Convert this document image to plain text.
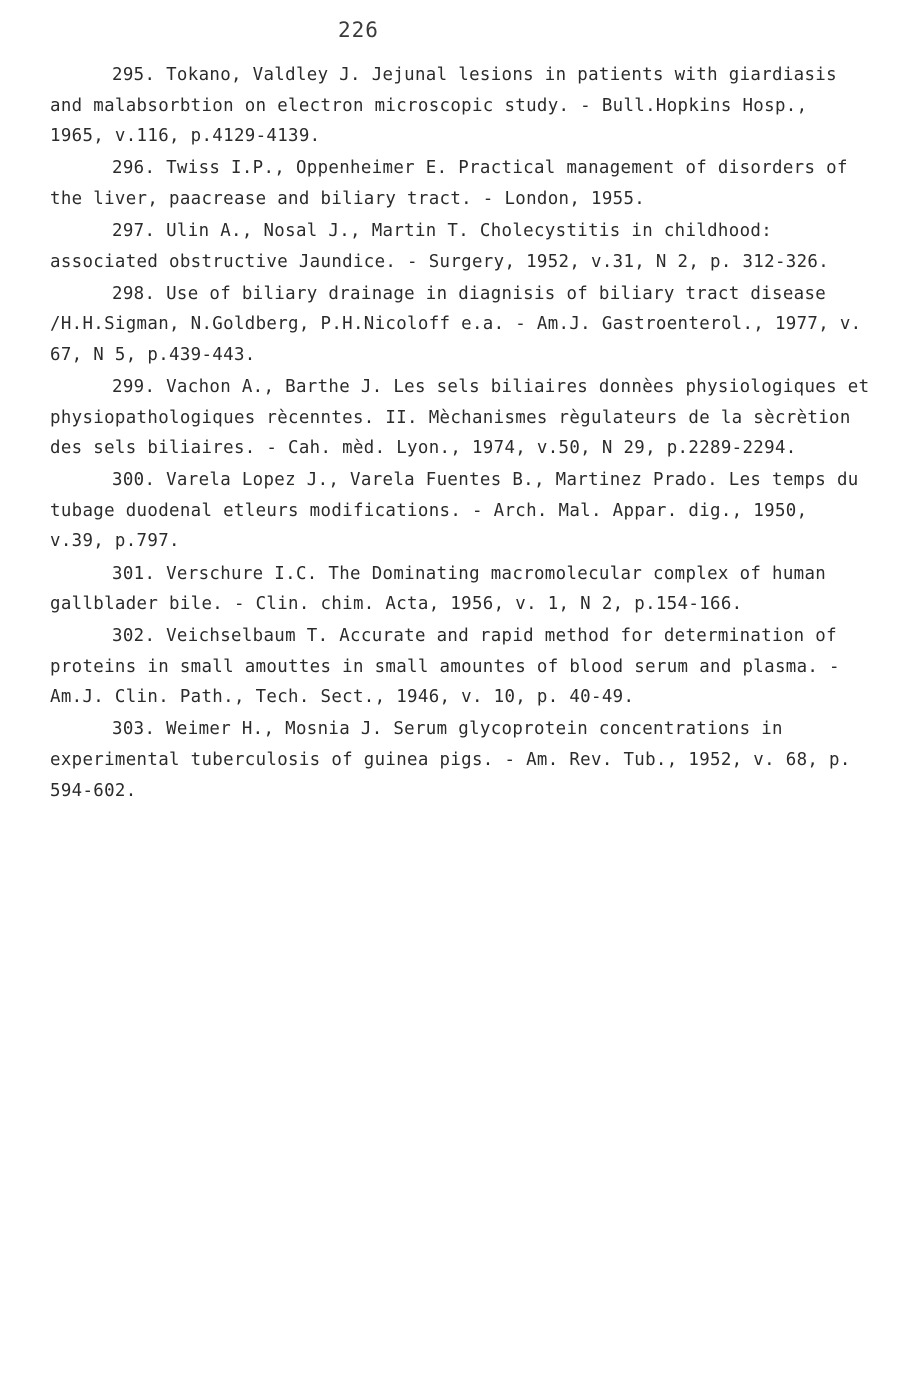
226

295. Tokano, Valdley J. Jejunal lesions in patients with giardiasis and malabsorbtion on electron microscopic study. - Bull.Hopkins Hosp., 1965, v.116, p.4129-4139.

296. Twiss I.P., Oppenheimer E. Practical management of disorders of the liver, paacrease and biliary tract. - London, 1955.

297. Ulin A., Nosal J., Martin T. Cholecystitis in childhood: associated obstructive Jaundice. - Surgery, 1952, v.31, N 2, p. 312-326.

298. Use of biliary drainage in diagnisis of biliary tract disease /H.H.Sigman, N.Goldberg, P.H.Nicoloff e.a. - Am.J. Gastroenterol., 1977, v. 67, N 5, p.439-443.

299. Vachon A., Barthe J. Les sels biliaires donnèes physiologiques et physiopathologiques rècenntes. II. Mèchanismes règulateurs de la sècrètion des sels biliaires. - Cah. mèd. Lyon., 1974, v.50, N 29, p.2289-2294.

300. Varela Lopez J., Varela Fuentes B., Martinez Prado. Les temps du tubage duodenal etleurs modifications. - Arch. Mal. Appar. dig., 1950, v.39, p.797.

301. Verschure I.C. The Dominating macromolecular complex of human gallblader bile. - Clin. chim. Acta, 1956, v. 1, N 2, p.154-166.

302. Veichselbaum T. Accurate and rapid method for determination of proteins in small amouttes in small amountes of blood serum and plasma. - Am.J. Clin. Path., Tech. Sect., 1946, v. 10, p. 40-49.

303. Weimer H., Mosnia J. Serum glycoprotein concentrations in experimental tuberculosis of guinea pigs. - Am. Rev. Tub., 1952, v. 68, p. 594-602.
